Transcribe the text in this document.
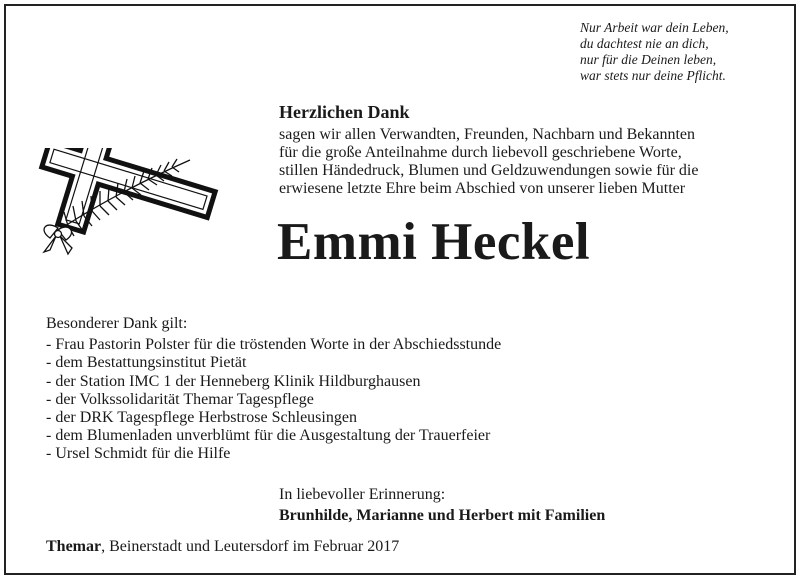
Nur Arbeit war dein Leben,
du dachtest nie an dich,
nur für die Deinen leben,
war stets nur deine Pflicht.
Herzlichen Dank
sagen wir allen Verwandten, Freunden, Nachbarn und Bekannten
für die große Anteilnahme durch liebevoll geschriebene Worte,
stillen Händedruck, Blumen und Geldzuwendungen sowie für die
erwiesene letzte Ehre beim Abschied von unserer lieben Mutter
Emmi Heckel
Besonderer Dank gilt:
- Frau Pastorin Polster für die tröstenden Worte in der Abschiedsstunde
- dem Bestattungsinstitut Pietät
- der Station IMC 1 der Henneberg Klinik Hildburghausen
- der Volkssolidarität Themar Tagespflege
- der DRK Tagespflege Herbstrose Schleusingen
- dem Blumenladen unverblümt für die Ausgestaltung der Trauerfeier
- Ursel Schmidt für die Hilfe
In liebevoller Erinnerung:
Brunhilde, Marianne und Herbert mit Familien
Themar, Beinerstadt und Leutersdorf im Februar 2017
